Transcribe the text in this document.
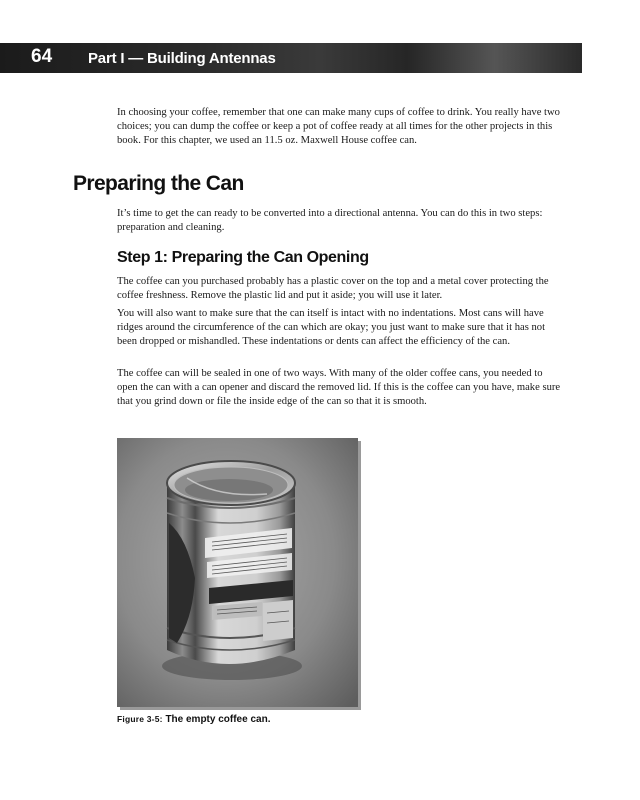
64 Part I — Building Antennas

In choosing your coffee, remember that one can make many cups of coffee to drink. You really have two choices; you can dump the coffee or keep a pot of coffee ready at all times for the other projects in this book. For this chapter, we used an 11.5 oz. Maxwell House coffee can.

Preparing the Can

It’s time to get the can ready to be converted into a directional antenna. You can do this in two steps: preparation and cleaning.

Step 1: Preparing the Can Opening

The coffee can you purchased probably has a plastic cover on the top and a metal cover protecting the coffee freshness. Remove the plastic lid and put it aside; you will use it later.

You will also want to make sure that the can itself is intact with no indentations. Most cans will have ridges around the circumference of the can which are okay; you just want to make sure that it has not been dropped or mishandled. These indentations or dents can affect the efficiency of the can.

The coffee can will be sealed in one of two ways. With many of the older coffee cans, you needed to open the can with a can opener and discard the removed lid. If this is the coffee can you have, make sure that you grind down or file the inside edge of the can so that it is smooth.

Figure 3-5: The empty coffee can.
